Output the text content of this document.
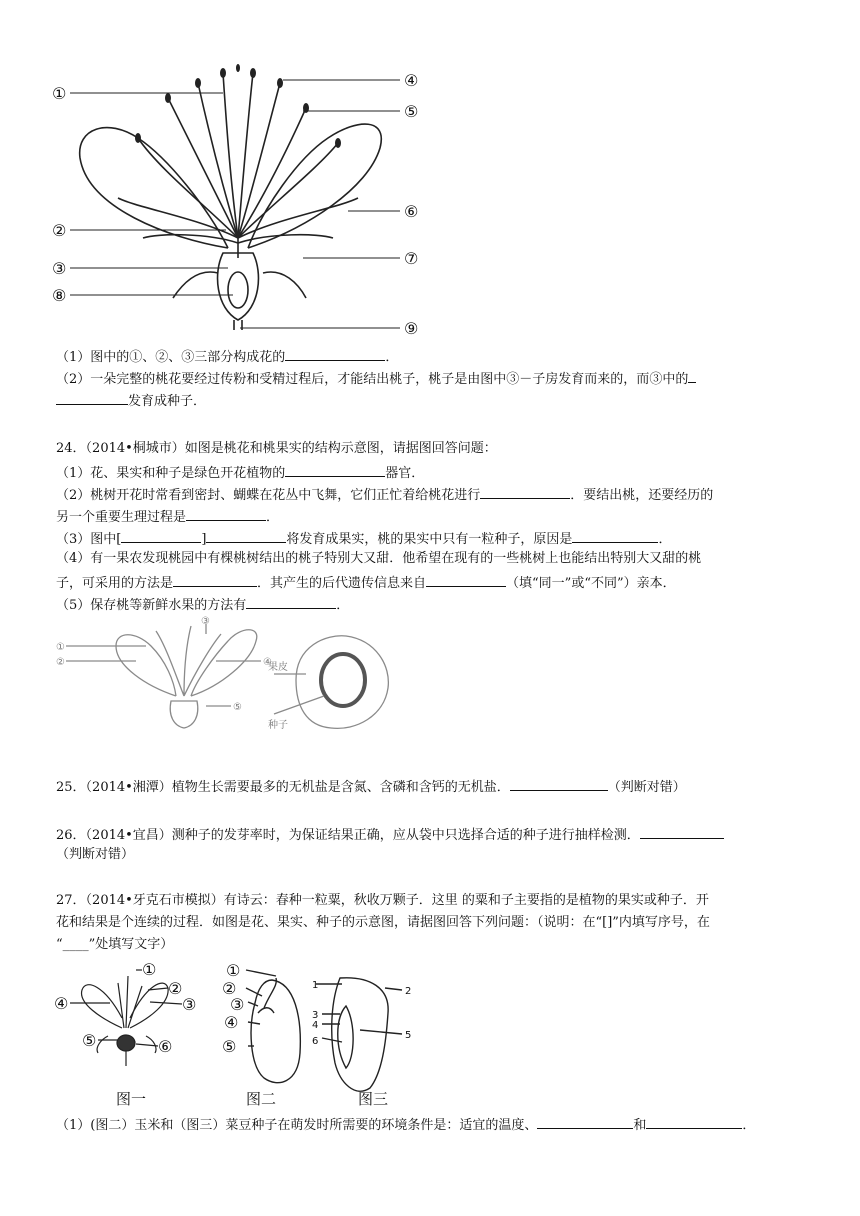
①
②
③
⑧
④
⑤
⑥
⑦
⑨
（1）图中的①、②、③三部分构成花的	．
（2）一朵完整的桃花要经过传粉和受精过程后，才能结出桃子，桃子是由图中③－子房发育而来的，而③中的
发育成种子．
24．（2014•桐城市）如图是桃花和桃果实的结构示意图，请据图回答问题：
（1）花、果实和种子是绿色开花植物的	器官．
（2）桃树开花时常看到密封、蝴蝶在花丛中飞舞，它们正忙着给桃花进行	．要结出桃，还要经历的
另一个重要生理过程是	．
（3）图中[	]	将发育成果实，桃的果实中只有一粒种子，原因是	．
（4）有一果农发现桃园中有棵桃树结出的桃子特别大又甜．他希望在现有的一些桃树上也能结出特别大又甜的桃
子，可采用的方法是	．其产生的后代遗传信息来自	（填“同一”或“不同”）亲本．
（5）保存桃等新鲜水果的方法有	．
①
②
③
④
⑤
果皮
种子
25．（2014•湘潭）植物生长需要最多的无机盐是含氮、含磷和含钙的无机盐．	（判断对错）
26．（2014•宜昌）测种子的发芽率时，为保证结果正确，应从袋中只选择合适的种子进行抽样检测．
（判断对错）
27．（2014•牙克石市模拟）有诗云：春种一粒粟，秋收万颗子．这里 的粟和子主要指的是植物的果实或种子．开
花和结果是个连续的过程．如图是花、果实、种子的示意图，请据图回答下列问题：（说明：在“[]”内填写序号，在
“____”处填写文字）
①
②
③
④
⑤	⑥
①
②
③
④
⑤
1
2
3
4
5
6
图一	图二	图三
（1）(图二）玉米和（图三）菜豆种子在萌发时所需要的环境条件是：适宜的温度、	和	．
